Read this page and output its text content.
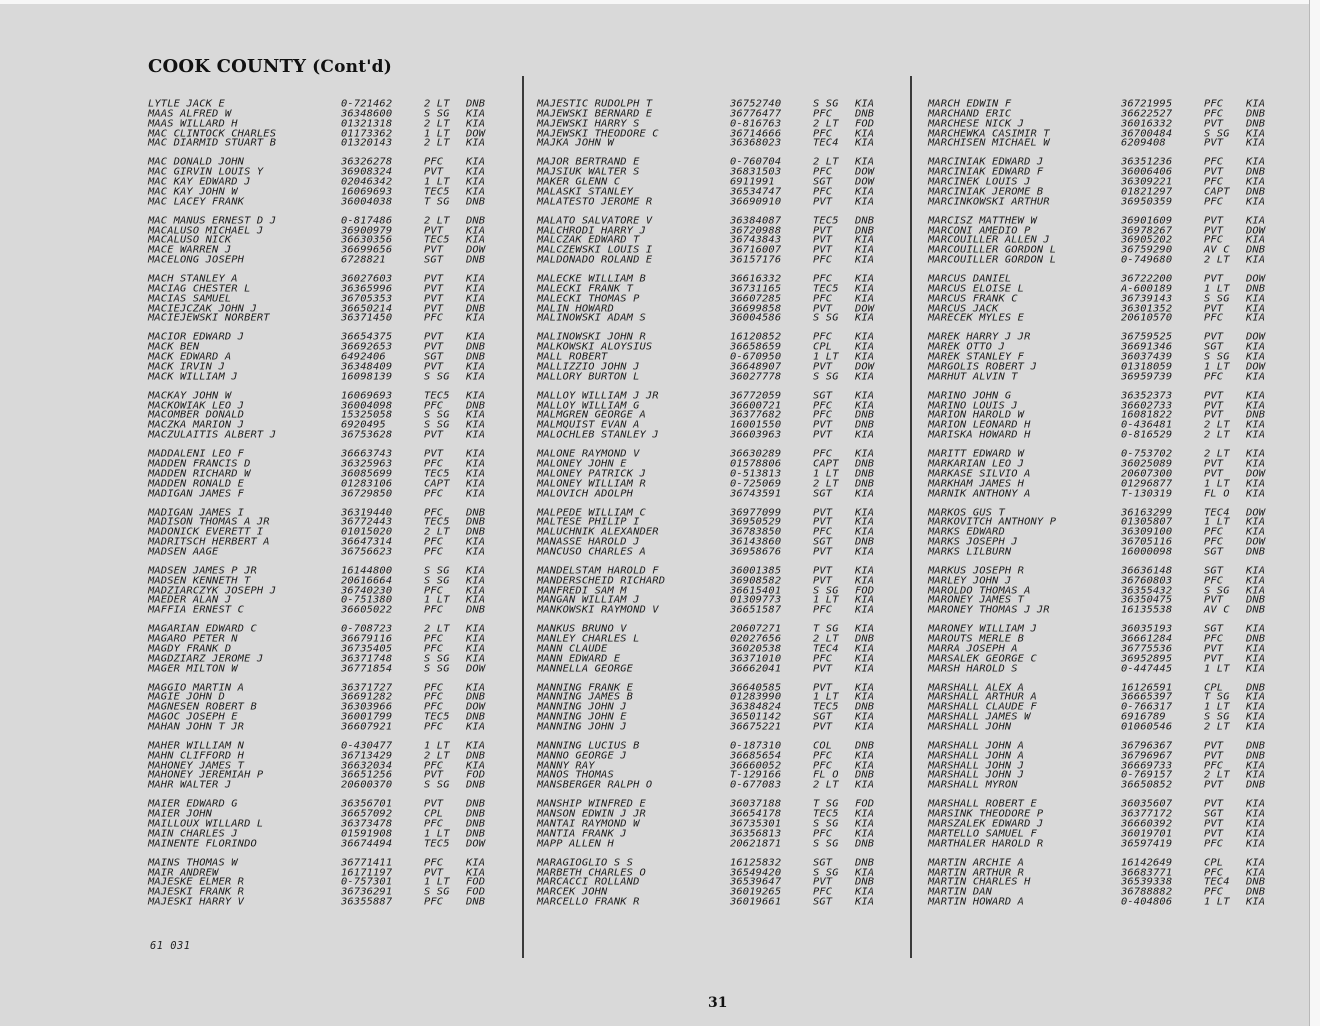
COOK COUNTY (Cont'd)
LYTLE JACK E	0-721462	2 LT DNB
MAAS ALFRED W	36348600	S SG KIA
MAAS WILLARD H	01321318	2 LT KIA
MAC CLINTOCK CHARLES	01173362	1 LT DOW
MAC DIARMID STUART B	01320143	2 LT KIA
MAC DONALD JOHN	36326278	PFC KIA
MAC GIRVIN LOUIS Y	36908324	PVT KIA
MAC KAY EDWARD J	02046342	1 LT KIA
MAC KAY JOHN W	16069693	TEC5 KIA
MAC LACEY FRANK	36004038	T SG DNB
MAC MANUS ERNEST D J	0-817486	2 LT DNB
MACALUSO MICHAEL J	36900979	PVT KIA
MACALUSO NICK	36630356	TEC5 KIA
MACE WARREN J	36699656	PVT DOW
MACELONG JOSEPH	6728821	SGT DNB
MACH STANLEY A	36027603	PVT KIA
MACIAG CHESTER L	36365996	PVT KIA
MACIAS SAMUEL	36705353	PVT KIA
MACIEJCZAK JOHN J	36650214	PVT DNB
MACIEJEWSKI NORBERT	36371450	PFC KIA
MACIOR EDWARD J	36654375	PVT KIA
MACK BEN	36692653	PVT DNB
MACK EDWARD A	6492406	SGT DNB
MACK IRVIN J	36348409	PVT KIA
MACK WILLIAM J	16098139	S SG KIA
MACKAY JOHN W	16069693	TEC5 KIA
MACKOWIAK LEO J	36004098	PFC DNB
MACOMBER DONALD	15325058	S SG KIA
MACZKA MARION J	6920495	S SG KIA
MACZULAITIS ALBERT J	36753628	PVT KIA
MADDALENI LEO F	36663743	PVT KIA
MADDEN FRANCIS D	36325963	PFC KIA
MADDEN RICHARD W	36085699	TEC5 KIA
MADDEN RONALD E	01283106	CAPT KIA
MADIGAN JAMES F	36729850	PFC KIA
MADIGAN JAMES I	36319440	PFC DNB
MADISON THOMAS A JR	36772443	TEC5 DNB
MADONICK EVERETT I	01015020	2 LT DNB
MADRITSCH HERBERT A	36647314	PFC KIA
MADSEN AAGE	36756623	PFC KIA
MADSEN JAMES P JR	16144800	S SG KIA
MADSEN KENNETH T	20616664	S SG KIA
MADZIARCZYK JOSEPH J	36740230	PFC KIA
MAEDER ALAN J	0-751380	1 LT KIA
MAFFIA ERNEST C	36605022	PFC DNB
MAGARIAN EDWARD C	0-708723	2 LT KIA
MAGARO PETER N	36679116	PFC KIA
MAGDY FRANK D	36735405	PFC KIA
MAGDZIARZ JEROME J	36371748	S SG KIA
MAGER MILTON W	36771854	S SG DOW
MAGGIO MARTIN A	36371727	PFC KIA
MAGIE JOHN D	36691282	PFC DNB
MAGNESEN ROBERT B	36303966	PFC DOW
MAGOC JOSEPH E	36001799	TEC5 DNB
MAHAN JOHN T JR	36607921	PFC KIA
MAHER WILLIAM N	0-430477	1 LT KIA
MAHN CLIFFORD H	36713429	2 LT DNB
MAHONEY JAMES T	36632034	PFC KIA
MAHONEY JEREMIAH P	36651256	PVT FOD
MAHR WALTER J	20600370	S SG DNB
MAIER EDWARD G	36356701	PVT DNB
MAIER JOHN	36657092	CPL DNB
MAILLOUX WILLARD L	36373478	PFC DNB
MAIN CHARLES J	01591908	1 LT DNB
MAINENTE FLORINDO	36674494	TEC5 DOW
MAINS THOMAS W	36771411	PFC KIA
MAIR ANDREW	16171197	PVT KIA
MAJESKE ELMER R	0-757301	1 LT FOD
MAJESKI FRANK R	36736291	S SG FOD
MAJESKI HARRY V	36355887	PFC DNB
MAJESTIC RUDOLPH T	36752740	S SG KIA
MAJEWSKI BERNARD E	36776477	PFC DNB
MAJEWSKI HARRY S	0-816763	2 LT FOD
MAJEWSKI THEODORE C	36714666	PFC KIA
MAJKA JOHN W	36368023	TEC4 KIA
MAJOR BERTRAND E	0-760704	2 LT KIA
MAJSIUK WALTER S	36831503	PFC DOW
MAKER GLENN C	6911991	SGT DOW
MALASKI STANLEY	36534747	PFC KIA
MALATESTO JEROME R	36690910	PVT KIA
MALATO SALVATORE V	36384087	TEC5 DNB
MALCHRODI HARRY J	36720988	PVT DNB
MALCZAK EDWARD T	36743843	PVT KIA
MALCZEWSKI LOUIS I	36716007	PVT KIA
MALDONADO ROLAND E	36157176	PFC KIA
MALECKE WILLIAM B	36616332	PFC KIA
MALECKI FRANK T	36731165	TEC5 KIA
MALECKI THOMAS P	36607285	PFC KIA
MALIN HOWARD	36699858	PVT DOW
MALINOWSKI ADAM S	36004586	S SG KIA
MALINOWSKI JOHN R	16120852	PFC KIA
MALKOWSKI ALOYSIUS	36658659	CPL KIA
MALL ROBERT	0-670950	1 LT KIA
MALLIZZIO JOHN J	36648907	PVT DOW
MALLORY BURTON L	36027778	S SG KIA
MALLOY WILLIAM J JR	36772059	SGT KIA
MALLOY WILLIAM G	36600721	PFC KIA
MALMGREN GEORGE A	36377682	PFC DNB
MALMQUIST EVAN A	16001550	PVT DNB
MALOCHLEB STANLEY J	36603963	PVT KIA
MALONE RAYMOND V	36630289	PFC KIA
MALONEY JOHN E	01578806	CAPT DNB
MALONEY PATRICK J	0-513813	1 LT DNB
MALONEY WILLIAM R	0-725069	2 LT DNB
MALOVICH ADOLPH	36743591	SGT KIA
MALPEDE WILLIAM C	36977099	PVT KIA
MALTESE PHILIP I	36950529	PVT KIA
MALUCHNIK ALEXANDER	36783850	PFC KIA
MANASSE HAROLD J	36143860	SGT DNB
MANCUSO CHARLES A	36958676	PVT KIA
MANDELSTAM HAROLD F	36001385	PVT KIA
MANDERSCHEID RICHARD	36908582	PVT KIA
MANFREDI SAM M	36615401	S SG FOD
MANGAN WILLIAM J	01309773	1 LT KIA
MANKOWSKI RAYMOND V	36651587	PFC KIA
MANKUS BRUNO V	20607271	T SG KIA
MANLEY CHARLES L	02027656	2 LT DNB
MANN CLAUDE	36020538	TEC4 KIA
MANN EDWARD E	36371010	PFC KIA
MANNELLA GEORGE	36662041	PVT KIA
MANNING FRANK E	36640585	PVT KIA
MANNING JAMES B	01283990	1 LT KIA
MANNING JOHN J	36384824	TEC5 DNB
MANNING JOHN E	36501142	SGT KIA
MANNING JOHN J	36675221	PVT KIA
MANNING LUCIUS B	0-187310	COL DNB
MANNO GEORGE J	36685654	PFC KIA
MANNY RAY	36660052	PFC KIA
MANOS THOMAS	T-129166	FL O DNB
MANSBERGER RALPH O	0-677083	2 LT KIA
MANSHIP WINFRED E	36037188	T SG FOD
MANSON EDWIN J JR	36654178	TEC5 KIA
MANTAI RAYMOND W	36735301	S SG KIA
MANTIA FRANK J	36356813	PFC KIA
MAPP ALLEN H	20621871	S SG DNB
MARAGIOGLIO S S	16125832	SGT DNB
MARBETH CHARLES O	36549420	S SG KIA
MARCACCI ROLLAND	36539647	PVT DNB
MARCEK JOHN	36019265	PFC KIA
MARCELLO FRANK R	36019661	SGT KIA
MARCH EDWIN F	36721995	PFC KIA
MARCHAND ERIC	36622527	PFC DNB
MARCHESE NICK J	36016332	PVT DNB
MARCHEWKA CASIMIR T	36700484	S SG KIA
MARCHISEN MICHAEL W	6209408	PVT KIA
MARCINIAK EDWARD J	36351236	PFC KIA
MARCINIAK EDWARD F	36006406	PVT DNB
MARCINEK LOUIS J	36309221	PFC KIA
MARCINIAK JEROME B	01821297	CAPT DNB
MARCINKOWSKI ARTHUR	36950359	PFC KIA
MARCISZ MATTHEW W	36901609	PVT KIA
MARCONI AMEDIO P	36978267	PVT DOW
MARCOUILLER ALLEN J	36905202	PFC KIA
MARCOUILLER GORDON L	36759290	AV C DNB
MARCOUILLER GORDON L	0-749680	2 LT KIA
MARCUS DANIEL	36722200	PVT DOW
MARCUS ELOISE L	A-600189	1 LT DNB
MARCUS FRANK C	36739143	S SG KIA
MARCUS JACK	36301352	PVT KIA
MARECEK MYLES E	20610570	PFC KIA
MAREK HARRY J JR	36759525	PVT DOW
MAREK OTTO J	36691346	SGT KIA
MAREK STANLEY F	36037439	S SG KIA
MARGOLIS ROBERT J	01318059	1 LT DOW
MARHUT ALVIN T	36959739	PFC KIA
MARINO JOHN G	36352373	PVT KIA
MARINO LOUIS J	36602733	PVT KIA
MARION HAROLD W	16081822	PVT DNB
MARION LEONARD H	0-436481	2 LT KIA
MARISKA HOWARD H	0-816529	2 LT KIA
MARITT EDWARD W	0-753702	2 LT KIA
MARKARIAN LEO J	36025089	PVT KIA
MARKASE SILVIO A	20607300	PVT DOW
MARKHAM JAMES H	01296877	1 LT KIA
MARNIK ANTHONY A	T-130319	FL O KIA
MARKOS GUS T	36163299	TEC4 DOW
MARKOVITCH ANTHONY P	01305807	1 LT KIA
MARKS EDWARD	36309100	PFC KIA
MARKS JOSEPH J	36705116	PFC DOW
MARKS LILBURN	16000098	SGT DNB
MARKUS JOSEPH R	36636148	SGT KIA
MARLEY JOHN J	36760803	PFC KIA
MAROLDO THOMAS A	36355432	S SG KIA
MARONEY JAMES T	36350475	PVT DNB
MARONEY THOMAS J JR	16135538	AV C DNB
MARONEY WILLIAM J	36035193	SGT KIA
MAROUTS MERLE B	36661284	PFC DNB
MARRA JOSEPH A	36775536	PVT KIA
MARSALEK GEORGE C	36952895	PVT KIA
MARSH HAROLD S	0-447445	1 LT KIA
MARSHALL ALEX A	16126591	CPL DNB
MARSHALL ARTHUR A	36665397	T SG KIA
MARSHALL CLAUDE F	0-766317	1 LT KIA
MARSHALL JAMES W	6916789	S SG KIA
MARSHALL JOHN	01060546	2 LT KIA
MARSHALL JOHN A	36796367	PVT DNB
MARSHALL JOHN A	36796967	PVT DNB
MARSHALL JOHN J	36669733	PFC KIA
MARSHALL JOHN J	0-769157	2 LT KIA
MARSHALL MYRON	36650852	PVT DNB
MARSHALL ROBERT E	36035607	PVT KIA
MARSINK THEODORE P	36377172	SGT KIA
MARSZALEK EDWARD J	36660392	PVT KIA
MARTELLO SAMUEL F	36019701	PVT KIA
MARTHALER HAROLD R	36597419	PFC KIA
MARTIN ARCHIE A	16142649	CPL KIA
MARTIN ARTHUR R	36683771	PFC KIA
MARTIN CHARLES H	36539338	TEC4 DNB
MARTIN DAN	36788882	PFC DNB
MARTIN HOWARD A	0-404806	1 LT KIA
61 031
31
